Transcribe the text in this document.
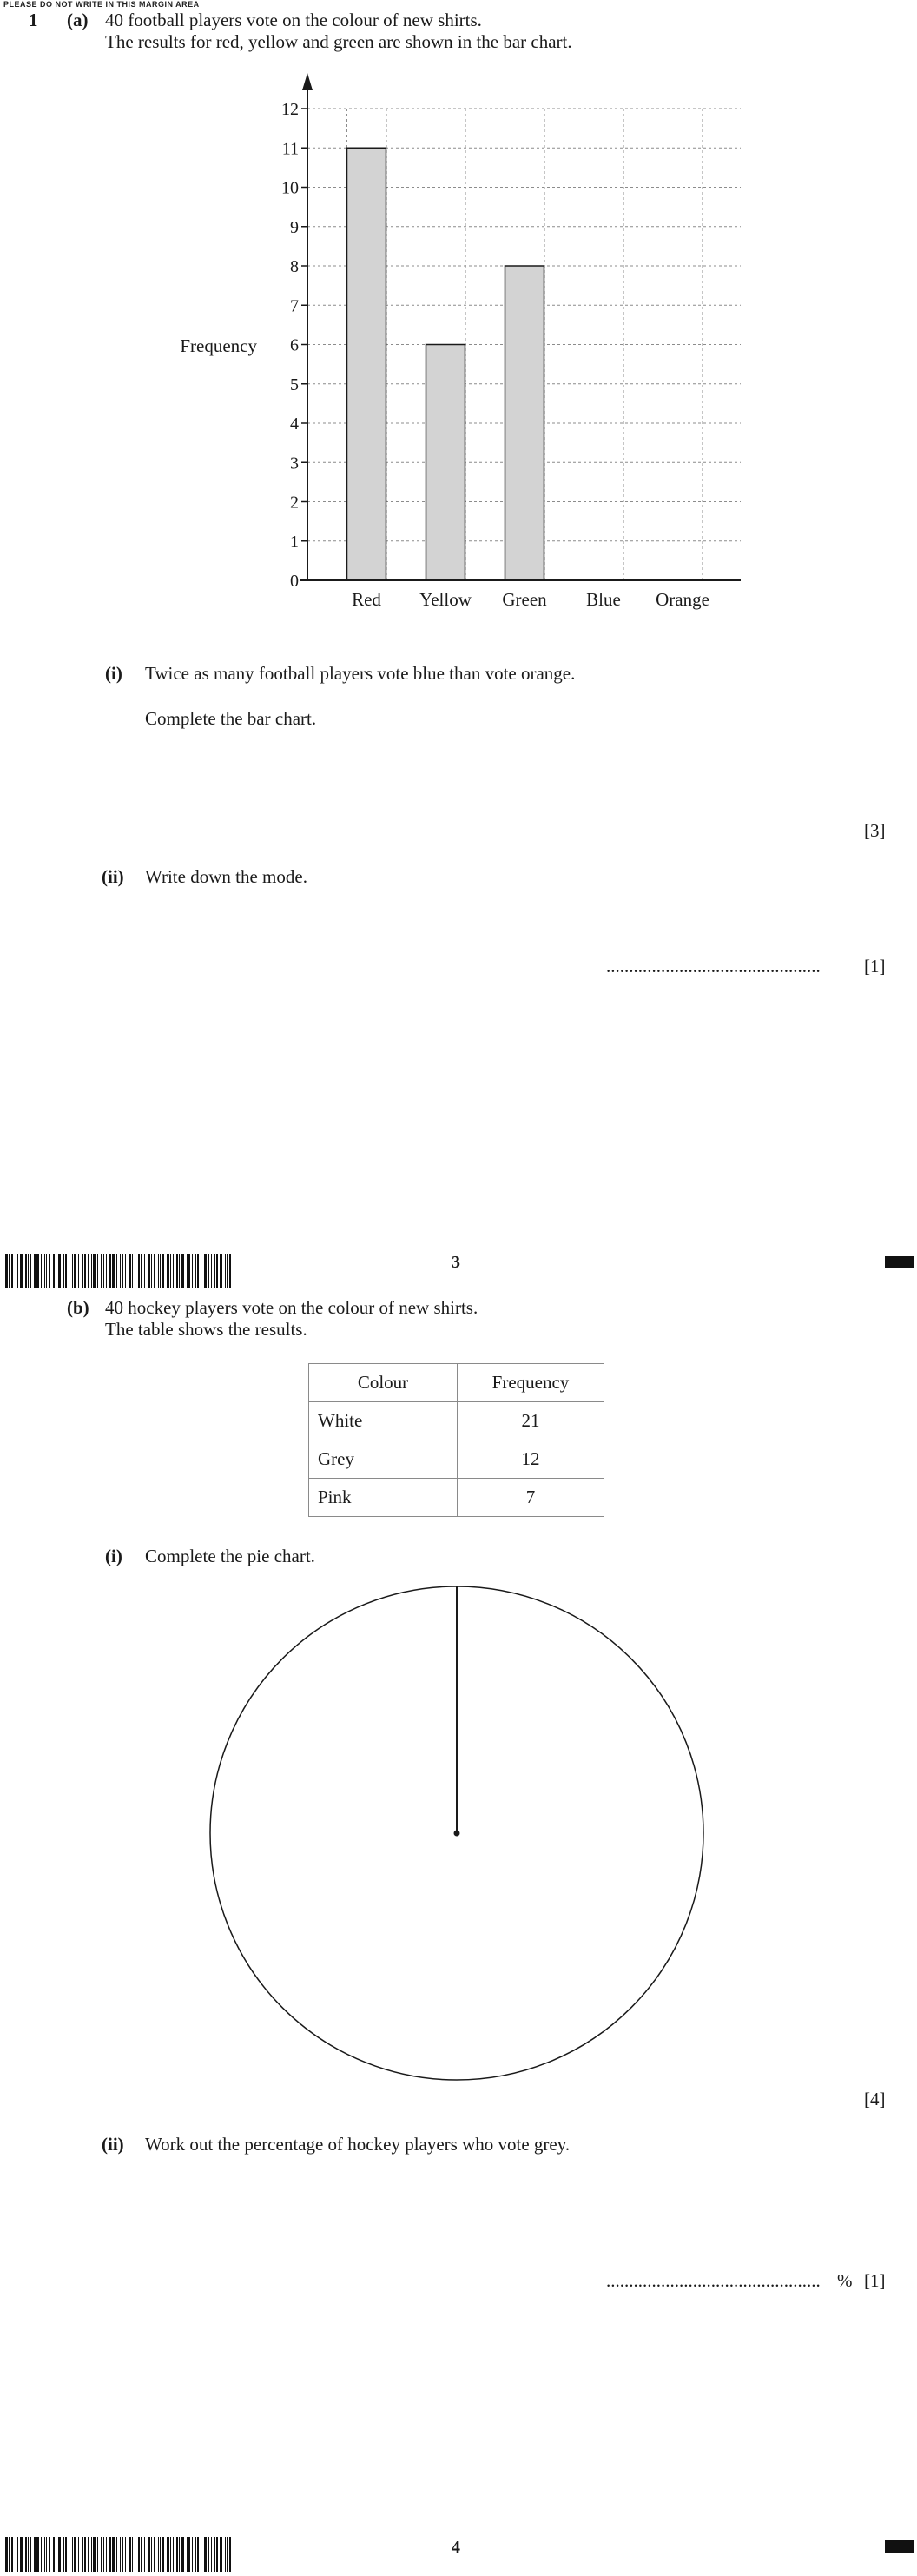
PLEASE DO NOT WRITE IN THIS MARGIN AREA
1 (a) 40 football players vote on the colour of new shirts.
The results for red, yellow and green are shown in the bar chart.
0
1
2
3
4
5
6
7
8
9
10
11
12
Red Yellow Green Blue Orange
Frequency
(i) Twice as many football players vote blue than vote orange.
Complete the bar chart.
[3]
(ii) Write down the mode.
............................................... [1]
3
(b) 40 hockey players vote on the colour of new shirts.
The table shows the results.
Colour	Frequency
White	21
Grey	12
Pink	7
(i) Complete the pie chart.
[4]
(ii) Work out the percentage of hockey players who vote grey.
............................................... % [1]
4
